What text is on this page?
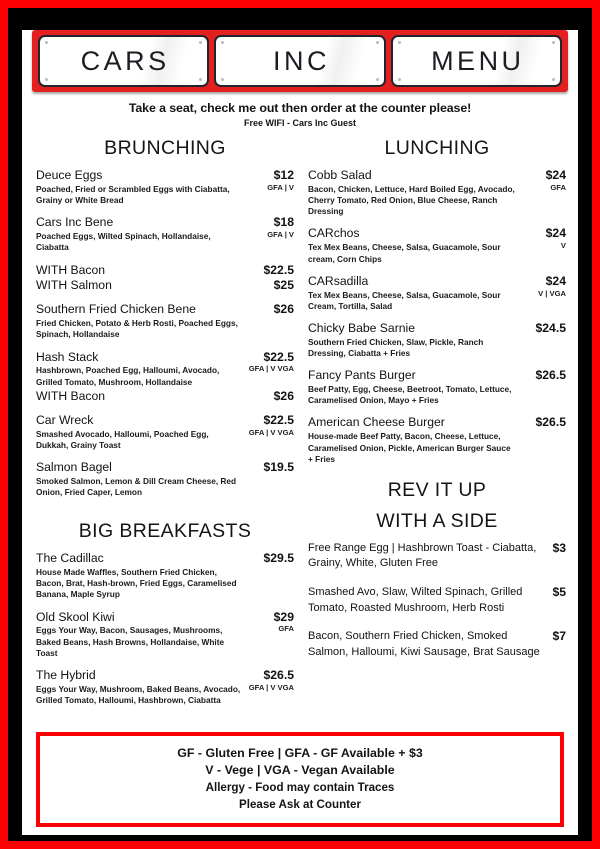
CARS	INC	MENU
Take a seat, check me out then order at the counter please!
Free WIFI - Cars Inc Guest
BRUNCHING
Deuce Eggs
Poached, Fried or Scrambled Eggs with Ciabatta, Grainy or White Bread
$12
GFA | V
Cars Inc Bene
Poached Eggs, Wilted Spinach, Hollandaise, Ciabatta
$18
GFA | V
WITH Bacon	$22.5
WITH Salmon	$25
Southern Fried Chicken Bene
Fried Chicken, Potato & Herb Rosti, Poached Eggs, Spinach, Hollandaise
$26
Hash Stack
Hashbrown, Poached Egg, Halloumi, Avocado, Grilled Tomato, Mushroom, Hollandaise
$22.5
GFA | V VGA
WITH Bacon	$26
Car Wreck
Smashed Avocado, Halloumi, Poached Egg, Dukkah, Grainy Toast
$22.5
GFA | V VGA
Salmon Bagel
Smoked Salmon, Lemon & Dill Cream Cheese, Red Onion, Fried Caper, Lemon
$19.5
BIG BREAKFASTS
The Cadillac
House Made Waffles, Southern Fried Chicken, Bacon, Brat, Hash-brown, Fried Eggs, Caramelised Banana, Maple Syrup
$29.5
Old Skool Kiwi
Eggs Your Way, Bacon, Sausages, Mushrooms, Baked Beans, Hash Browns, Hollandaise, White Toast
$29
GFA
The Hybrid
Eggs Your Way, Mushroom, Baked Beans, Avocado, Grilled Tomato, Halloumi, Hashbrown, Ciabatta
$26.5
GFA | V VGA
LUNCHING
Cobb Salad
Bacon, Chicken, Lettuce, Hard Boiled Egg, Avocado, Cherry Tomato, Red Onion, Blue Cheese, Ranch Dressing
$24
GFA
CARchos
Tex Mex Beans, Cheese, Salsa, Guacamole, Sour cream, Corn Chips
$24
V
CARsadilla
Tex Mex Beans, Cheese, Salsa, Guacamole, Sour Cream, Tortilla, Salad
$24
V | VGA
Chicky Babe Sarnie
Southern Fried Chicken, Slaw, Pickle, Ranch Dressing, Ciabatta + Fries
$24.5
Fancy Pants Burger
Beef Patty, Egg, Cheese, Beetroot, Tomato, Lettuce, Caramelised Onion, Mayo + Fries
$26.5
American Cheese Burger
House-made Beef Patty, Bacon, Cheese, Lettuce, Caramelised Onion, Pickle, American Burger Sauce + Fries
$26.5
REV IT UP
WITH A SIDE
Free Range Egg | Hashbrown Toast - Ciabatta, Grainy, White, Gluten Free
$3
Smashed Avo, Slaw, Wilted Spinach, Grilled Tomato, Roasted Mushroom, Herb Rosti
$5
Bacon, Southern Fried Chicken, Smoked Salmon, Halloumi, Kiwi Sausage, Brat Sausage
$7
GF - Gluten Free | GFA - GF Available + $3
V - Vege | VGA - Vegan Available
Allergy - Food may contain Traces
Please Ask at Counter
